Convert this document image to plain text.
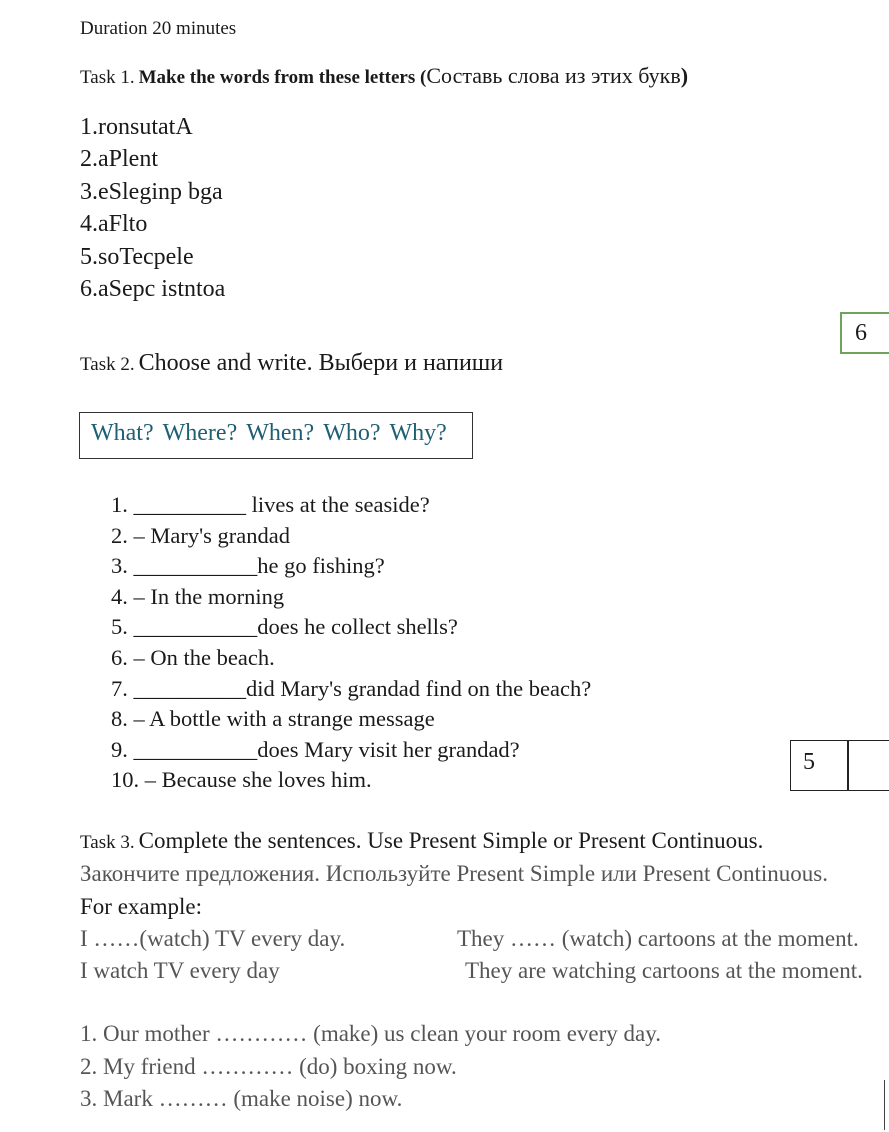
Duration 20 minutes
Task 1. Make the words from these letters (Составь слова из этих букв)
1.ronsutatA
2.aPlent
3.eSleginp bga
4.aFlto
5.soTecpele
6.aSepc istntoa
6
Task 2. Choose and write. Выбери и напиши
What? Where? When? Who? Why?
1. __________ lives at the seaside?
2. – Mary's grandad
3. ___________he go fishing?
4. – In the morning
5. ___________does he collect shells?
6. – On the beach.
7. __________did Mary's grandad find on the beach?
8. – A bottle with a strange message
9. ___________does Mary visit her grandad?
10. – Because she loves him.
5
Task 3. Complete the sentences. Use Present Simple or Present Continuous.
Закончите предложения. Используйте Present Simple или Present Continuous.
For example:
I ……(watch) TV every day.	They …… (watch) cartoons at the moment.
I watch TV every day	They are watching cartoons at the moment.
1. Our mother ………… (make) us clean your room every day.
2. My friend ………… (do) boxing now.
3. Mark ……… (make noise) now.
